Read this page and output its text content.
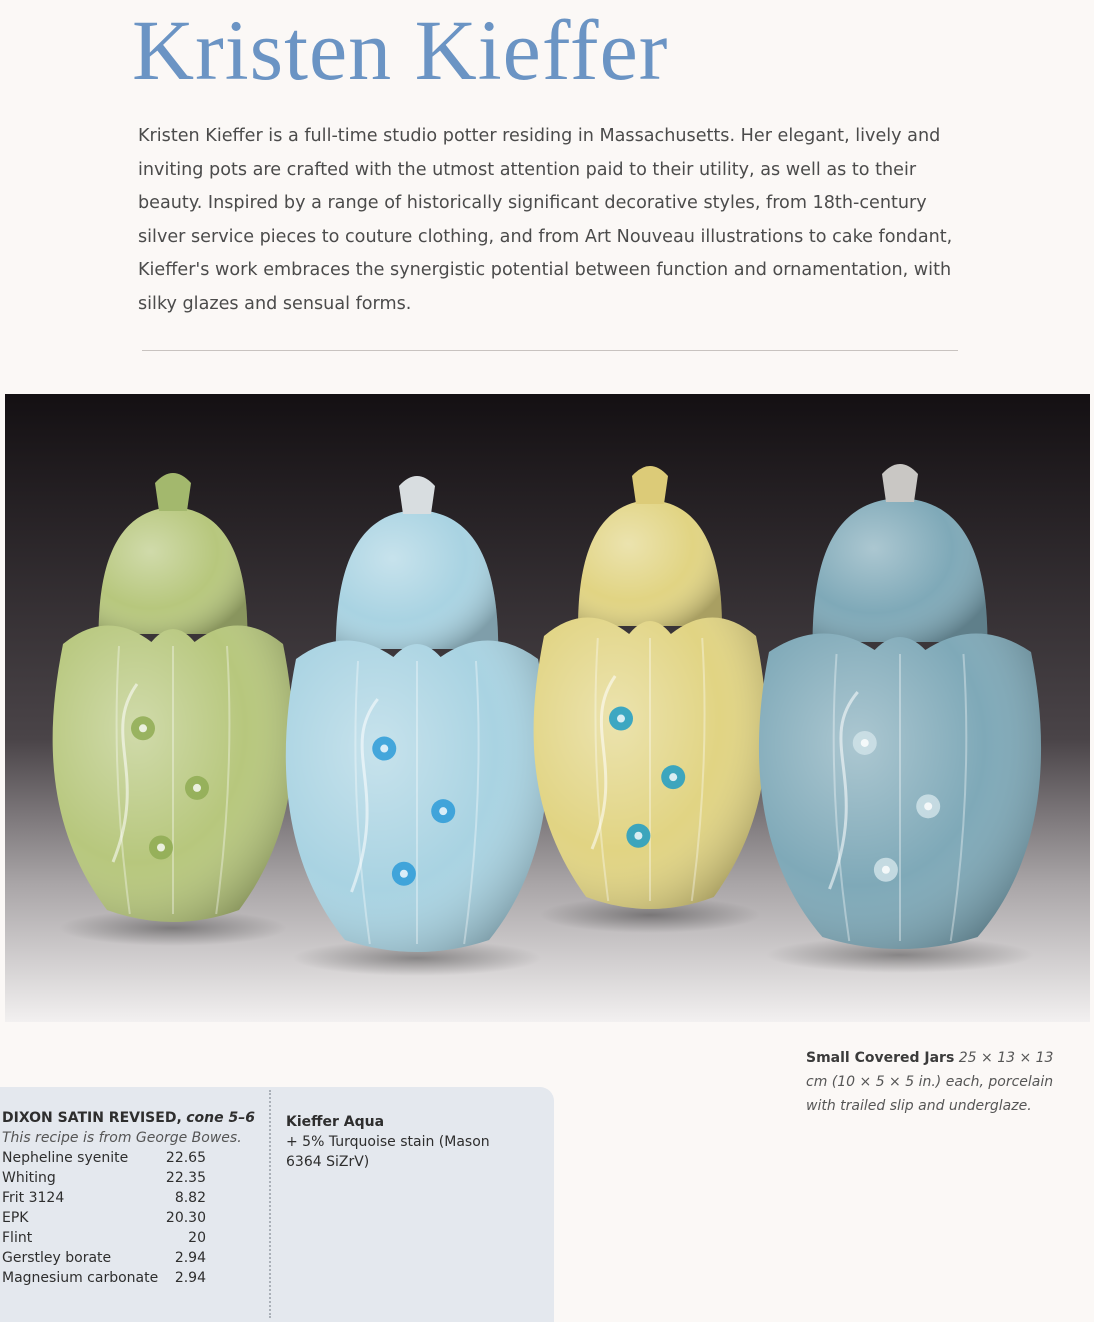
Kristen Kieffer

Kristen Kieffer is a full-time studio potter residing in Massachusetts. Her elegant, lively and inviting pots are crafted with the utmost attention paid to their utility, as well as to their beauty. Inspired by a range of historically significant decorative styles, from 18th-century silver service pieces to couture clothing, and from Art Nouveau illustrations to cake fondant, Kieffer's work embraces the synergistic potential between function and ornamentation, with silky glazes and sensual forms.

Small Covered Jars 25 × 13 × 13 cm (10 × 5 × 5 in.) each, porcelain with trailed slip and underglaze.
DIXON SATIN REVISED, cone 5–6
This recipe is from George Bowes.
Nepheline syenite	22.65
Whiting	22.35
Frit 3124	8.82
EPK	20.30
Flint	20
Gerstley borate	2.94
Magnesium carbonate	2.94
Kieffer Aqua
+ 5% Turquoise stain (Mason 6364 SiZrV)
